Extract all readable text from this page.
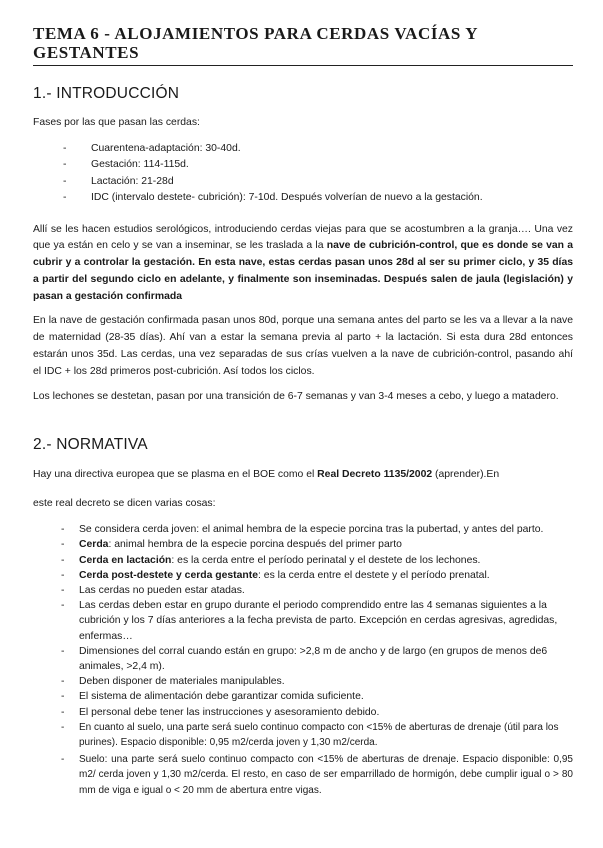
TEMA 6 - ALOJAMIENTOS PARA CERDAS VACÍAS Y GESTANTES
1.- INTRODUCCIÓN

Fases por las que pasan las cerdas:

- Cuarentena-adaptación: 30-40d.
- Gestación: 114-115d.
- Lactación: 21-28d
- IDC (intervalo destete- cubrición): 7-10d. Después volverían de nuevo a la gestación.

Allí se les hacen estudios serológicos, introduciendo cerdas viejas para que se acostumbren a la granja…. Una vez que ya están en celo y se van a inseminar, se les traslada a la nave de cubrición-control, que es donde se van a cubrir y a controlar la gestación. En esta nave, estas cerdas pasan unos 28d al ser su primer ciclo, y 35 días a partir del segundo ciclo en adelante, y finalmente son inseminadas. Después salen de jaula (legislación) y pasan a gestación confirmada

En la nave de gestación confirmada pasan unos 80d, porque una semana antes del parto se les va a llevar a la nave de maternidad (28-35 días). Ahí van a estar la semana previa al parto + la lactación. Si esta dura 28d entonces estarán unos 35d. Las cerdas, una vez separadas de sus crías vuelven a la nave de cubrición-control, pasando ahí el IDC + los 28d primeros post-cubrición. Así todos los ciclos.

Los lechones se destetan, pasan por una transición de 6-7 semanas y van 3-4 meses a cebo, y luego a matadero.

2.- NORMATIVA

Hay una directiva europea que se plasma en el BOE como el Real Decreto 1135/2002 (aprender).En

este real decreto se dicen varias cosas:

- Se considera cerda joven: el animal hembra de la especie porcina tras la pubertad, y antes del parto.
- Cerda: animal hembra de la especie porcina después del primer parto
- Cerda en lactación: es la cerda entre el período perinatal y el destete de los lechones.
- Cerda post-destete y cerda gestante: es la cerda entre el destete y el período prenatal.
- Las cerdas no pueden estar atadas.
- Las cerdas deben estar en grupo durante el periodo comprendido entre las 4 semanas siguientes a la cubrición y los 7 días anteriores a la fecha prevista de parto. Excepción en cerdas agresivas, agredidas, enfermas…
- Dimensiones del corral cuando están en grupo: >2,8 m de ancho y de largo (en grupos de menos de6 animales, >2,4 m).
- Deben disponer de materiales manipulables.
- El sistema de alimentación debe garantizar comida suficiente.
- El personal debe tener las instrucciones y asesoramiento debido.
- En cuanto al suelo, una parte será suelo continuo compacto con <15% de aberturas de drenaje (útil para los purines). Espacio disponible: 0,95 m2/cerda joven y 1,30 m2/cerda.
- Suelo: una parte será suelo continuo compacto con <15% de aberturas de drenaje. Espacio disponible: 0,95 m2/ cerda joven y 1,30 m2/cerda. El resto, en caso de ser emparrillado de hormigón, debe cumplir igual o > 80 mm de viga e igual o < 20 mm de abertura entre vigas.
